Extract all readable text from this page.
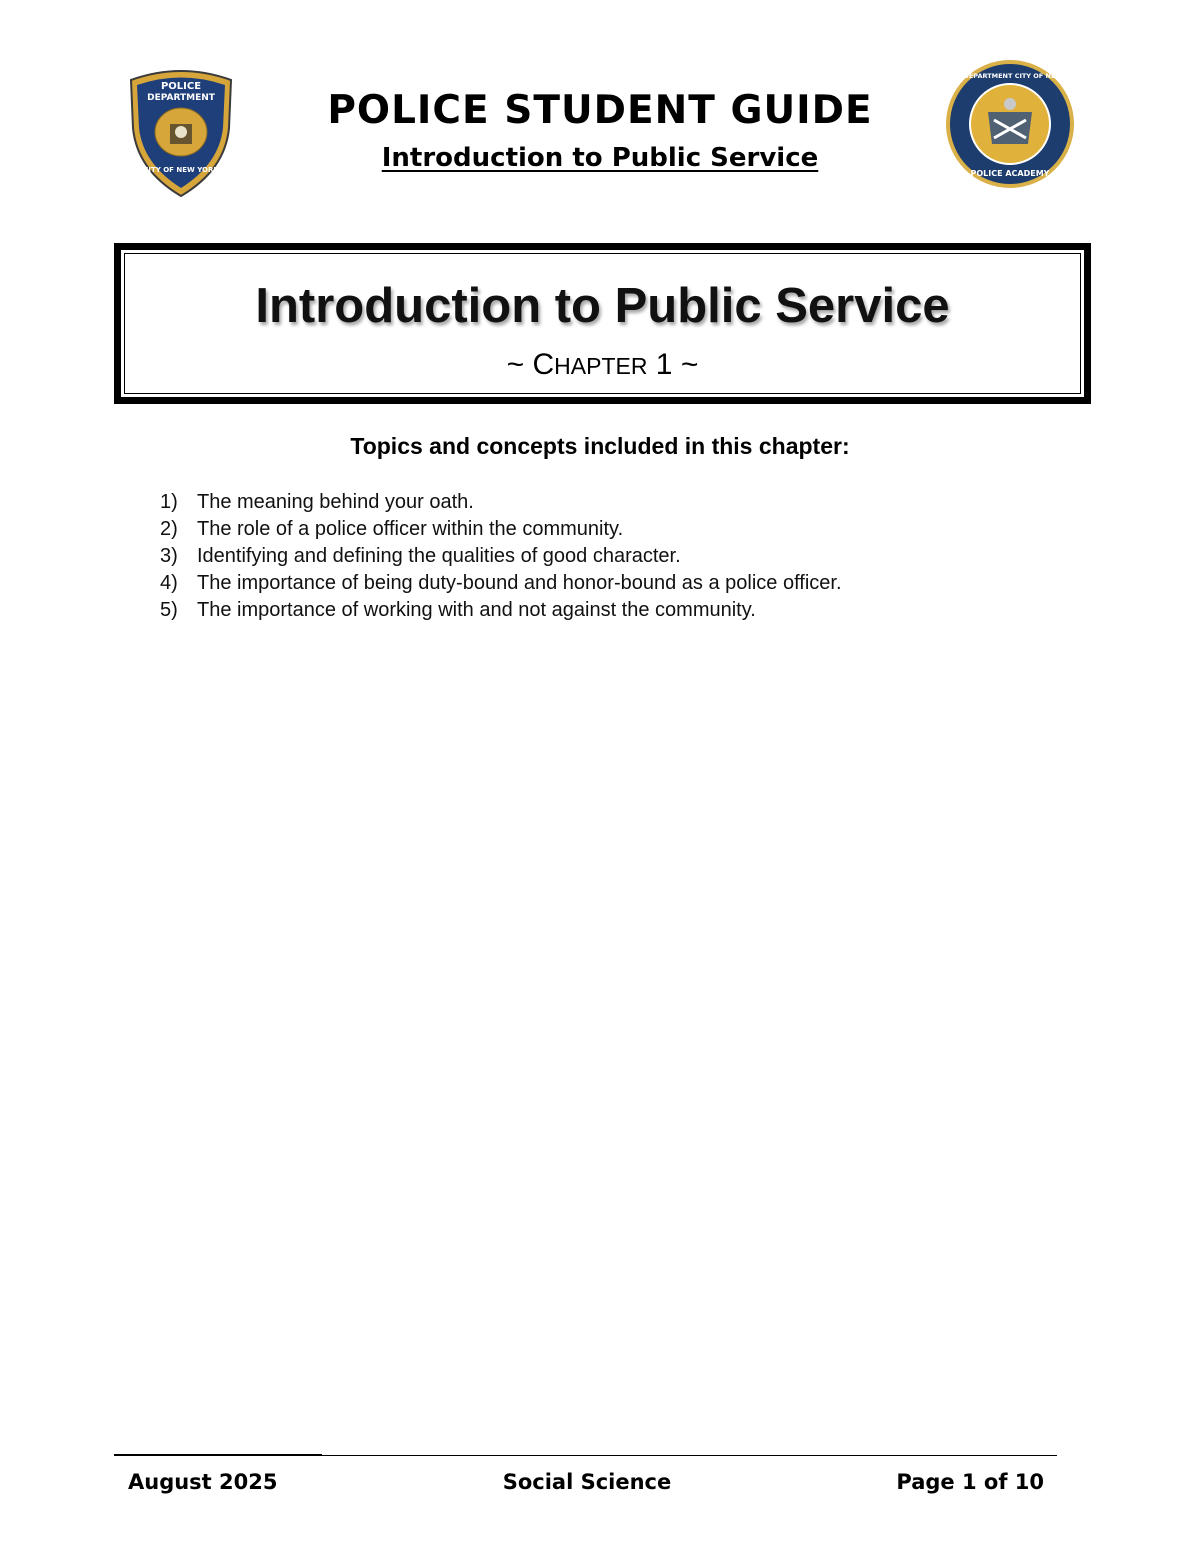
POLICE
DEPARTMENT
CITY OF NEW YORK
POLICE DEPARTMENT CITY OF NEW YORK
POLICE ACADEMY
POLICE STUDENT GUIDE
Introduction to Public Service
Introduction to Public Service
~ CHAPTER 1 ~
Topics and concepts included in this chapter:
1) The meaning behind your oath.
2) The role of a police officer within the community.
3) Identifying and defining the qualities of good character.
4) The importance of being duty-bound and honor-bound as a police officer.
5) The importance of working with and not against the community.
August 2025	Social Science	Page 1 of 10
